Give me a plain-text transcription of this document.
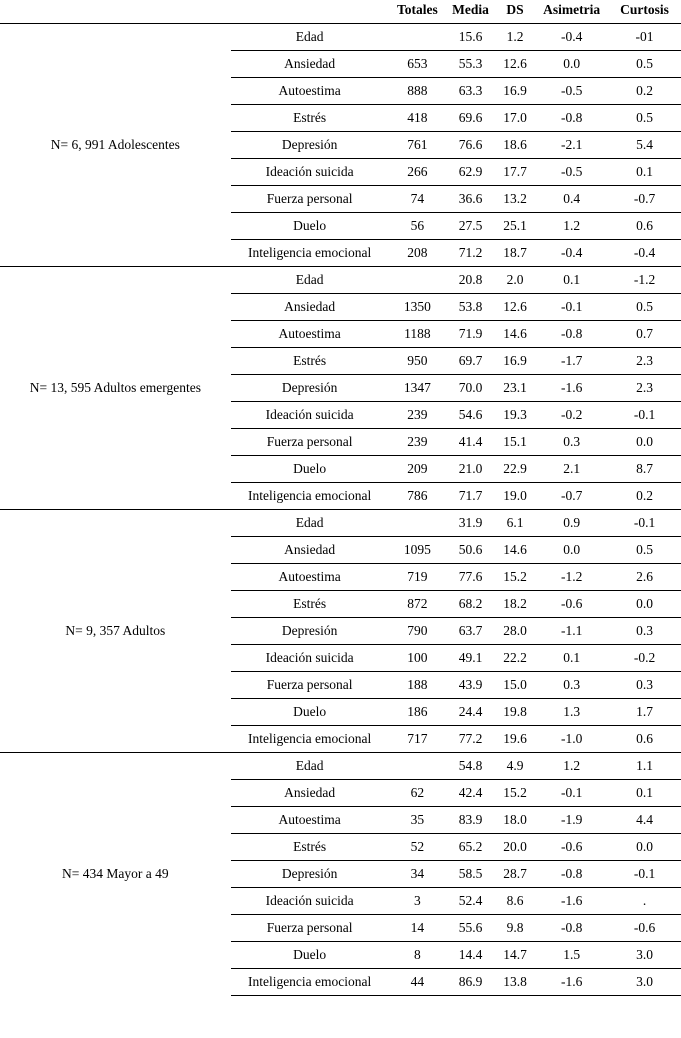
		Totales	Media	DS	Asimetria	Curtosis
N= 6, 991 Adolescentes	Edad		15.6	1.2	-0.4	-01
	Ansiedad	653	55.3	12.6	0.0	0.5
	Autoestima	888	63.3	16.9	-0.5	0.2
	Estrés	418	69.6	17.0	-0.8	0.5
	Depresión	761	76.6	18.6	-2.1	5.4
	Ideación suicida	266	62.9	17.7	-0.5	0.1
	Fuerza personal	74	36.6	13.2	0.4	-0.7
	Duelo	56	27.5	25.1	1.2	0.6
	Inteligencia emocional	208	71.2	18.7	-0.4	-0.4
N= 13, 595 Adultos emergentes	Edad		20.8	2.0	0.1	-1.2
	Ansiedad	1350	53.8	12.6	-0.1	0.5
	Autoestima	1188	71.9	14.6	-0.8	0.7
	Estrés	950	69.7	16.9	-1.7	2.3
	Depresión	1347	70.0	23.1	-1.6	2.3
	Ideación suicida	239	54.6	19.3	-0.2	-0.1
	Fuerza personal	239	41.4	15.1	0.3	0.0
	Duelo	209	21.0	22.9	2.1	8.7
	Inteligencia emocional	786	71.7	19.0	-0.7	0.2
N= 9, 357 Adultos	Edad		31.9	6.1	0.9	-0.1
	Ansiedad	1095	50.6	14.6	0.0	0.5
	Autoestima	719	77.6	15.2	-1.2	2.6
	Estrés	872	68.2	18.2	-0.6	0.0
	Depresión	790	63.7	28.0	-1.1	0.3
	Ideación suicida	100	49.1	22.2	0.1	-0.2
	Fuerza personal	188	43.9	15.0	0.3	0.3
	Duelo	186	24.4	19.8	1.3	1.7
	Inteligencia emocional	717	77.2	19.6	-1.0	0.6
N= 434 Mayor a 49	Edad		54.8	4.9	1.2	1.1
	Ansiedad	62	42.4	15.2	-0.1	0.1
	Autoestima	35	83.9	18.0	-1.9	4.4
	Estrés	52	65.2	20.0	-0.6	0.0
	Depresión	34	58.5	28.7	-0.8	-0.1
	Ideación suicida	3	52.4	8.6	-1.6	.
	Fuerza personal	14	55.6	9.8	-0.8	-0.6
	Duelo	8	14.4	14.7	1.5	3.0
	Inteligencia emocional	44	86.9	13.8	-1.6	3.0
